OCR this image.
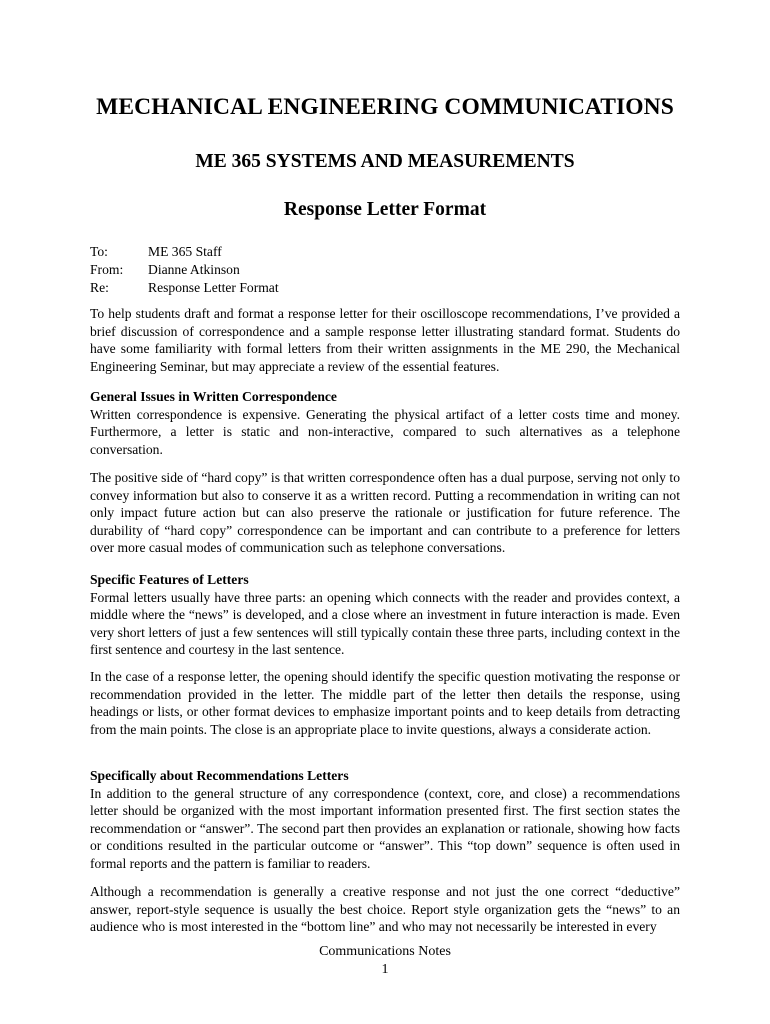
MECHANICAL ENGINEERING COMMUNICATIONS
ME 365 SYSTEMS AND MEASUREMENTS
Response Letter Format
To:	ME 365 Staff
From:	Dianne Atkinson
Re:	Response Letter Format

To help students draft and format a response letter for their oscilloscope recommendations, I’ve provided a brief discussion of correspondence and a sample response letter illustrating standard format. Students do have some familiarity with formal letters from their written assignments in the ME 290, the Mechanical Engineering Seminar, but may appreciate a review of the essential features.

General Issues in Written Correspondence

Written correspondence is expensive. Generating the physical artifact of a letter costs time and money. Furthermore, a letter is static and non-interactive, compared to such alternatives as a telephone conversation.

The positive side of “hard copy” is that written correspondence often has a dual purpose, serving not only to convey information but also to conserve it as a written record. Putting a recommendation in writing can not only impact future action but can also preserve the rationale or justification for future reference. The durability of “hard copy” correspondence can be important and can contribute to a preference for letters over more casual modes of communication such as telephone conversations.

Specific Features of Letters

Formal letters usually have three parts: an opening which connects with the reader and provides context, a middle where the “news” is developed, and a close where an investment in future interaction is made. Even very short letters of just a few sentences will still typically contain these three parts, including context in the first sentence and courtesy in the last sentence.

In the case of a response letter, the opening should identify the specific question motivating the response or recommendation provided in the letter. The middle part of the letter then details the response, using headings or lists, or other format devices to emphasize important points and to keep details from detracting from the main points. The close is an appropriate place to invite questions, always a considerate action.

Specifically about Recommendations Letters

In addition to the general structure of any correspondence (context, core, and close) a recommendations letter should be organized with the most important information presented first. The first section states the recommendation or “answer”. The second part then provides an explanation or rationale, showing how facts or conditions resulted in the particular outcome or “answer”. This “top down” sequence is often used in formal reports and the pattern is familiar to readers.

Although a recommendation is generally a creative response and not just the one correct “deductive” answer, report-style sequence is usually the best choice. Report style organization gets the “news” to an audience who is most interested in the “bottom line” and who may not necessarily be interested in every

Communications Notes
1
